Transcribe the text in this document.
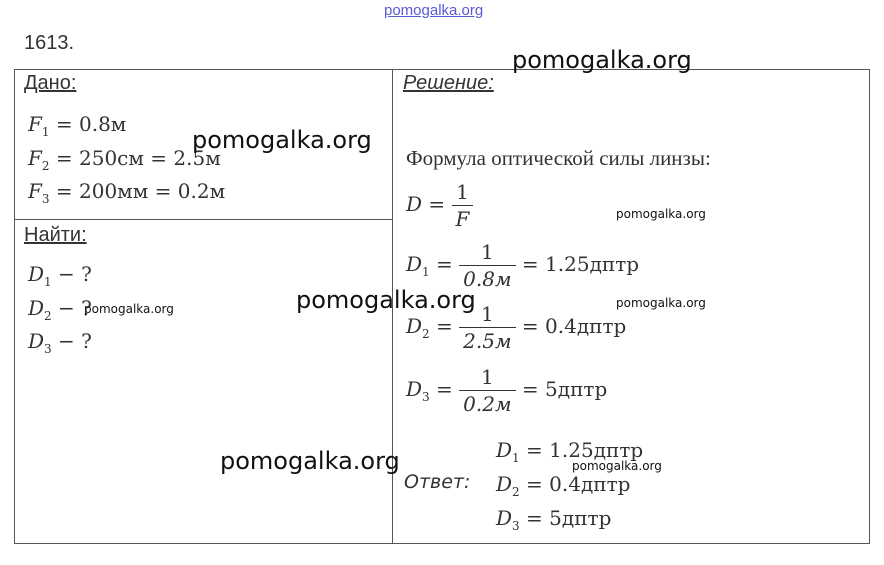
pomogalka.org
1613.
Дано:
$F_1 = 0.8м$
$F_2 = 250см = 2.5м$
$F_3 = 200мм = 0.2м$
Найти:
$D_1$ − ?
$D_2$ − ?
$D_3$ − ?
Решение:
Формула оптической силы линзы:
$D = \frac{1}{F}$
$D_1 = \frac{1}{0.8м}$ = 1.25дптр
$D_2 = \frac{1}{2.5м}$ = 0.4дптр
$D_3 = \frac{1}{0.2м}$ = 5дптр
Ответ:
$D_1$ = 1.25дптр
$D_2$ = 0.4дптр
$D_3$ = 5дптр
pomogalka.org
pomogalka.org
pomogalka.org
pomogalka.org
pomogalka.org
pomogalka.org
pomogalka.org
pomogalka.org
